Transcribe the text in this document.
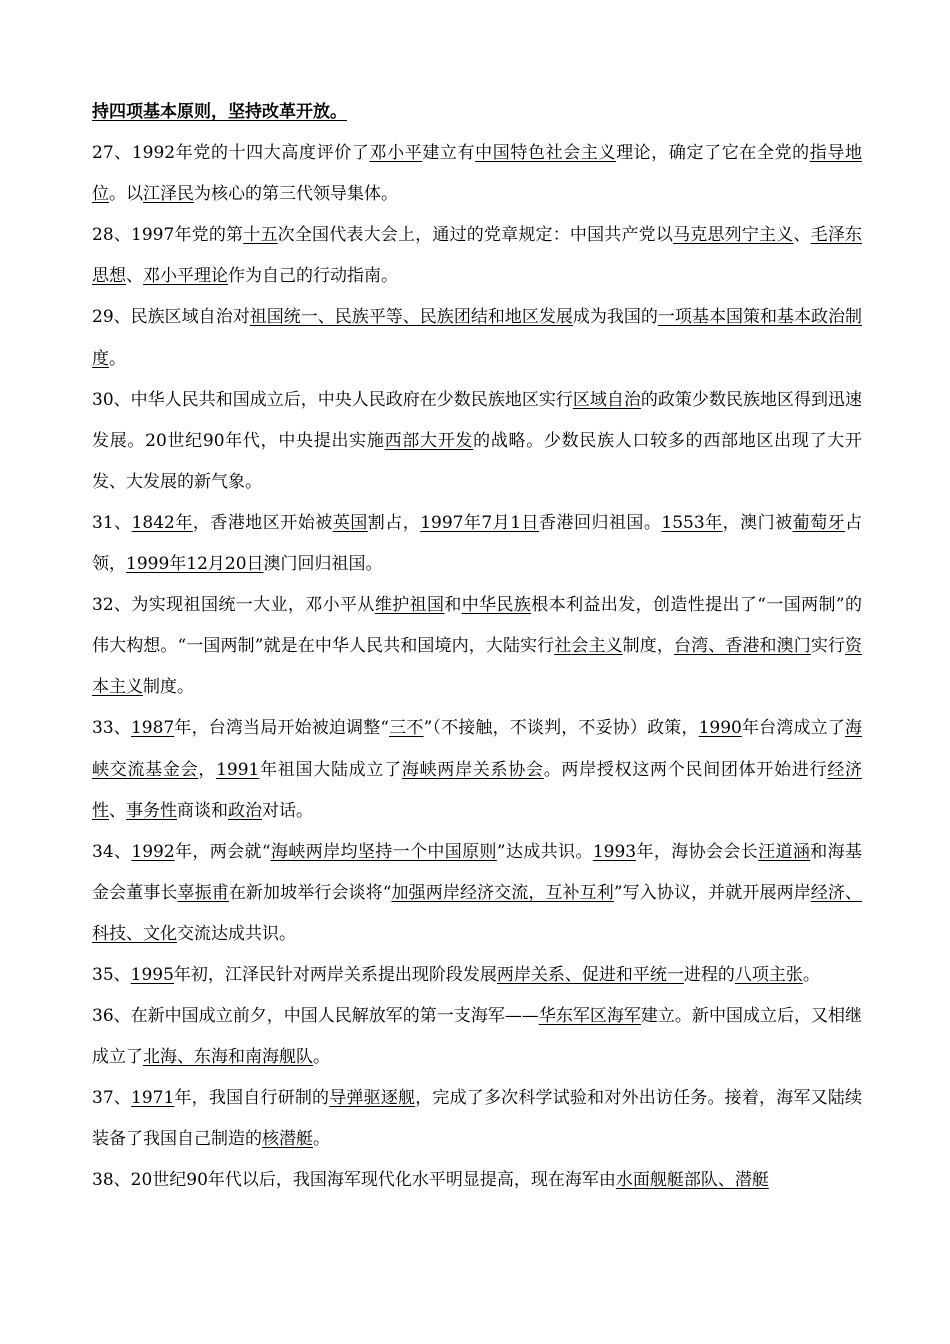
持四项基本原则，坚持改革开放。

27、1992年党的十四大高度评价了邓小平建立有中国特色社会主义理论，确定了它在全党的指导地位。以江泽民为核心的第三代领导集体。

28、1997年党的第十五次全国代表大会上，通过的党章规定：中国共产党以马克思列宁主义、毛泽东思想、邓小平理论作为自己的行动指南。

29、民族区域自治对祖国统一、民族平等、民族团结和地区发展成为我国的一项基本国策和基本政治制度。

30、中华人民共和国成立后，中央人民政府在少数民族地区实行区域自治的政策少数民族地区得到迅速发展。20世纪90年代，中央提出实施西部大开发的战略。少数民族人口较多的西部地区出现了大开发、大发展的新气象。

31、1842年，香港地区开始被英国割占，1997年7月1日香港回归祖国。1553年，澳门被葡萄牙占领，1999年12月20日澳门回归祖国。

32、为实现祖国统一大业，邓小平从维护祖国和中华民族根本利益出发，创造性提出了“一国两制”的伟大构想。“一国两制”就是在中华人民共和国境内，大陆实行社会主义制度，台湾、香港和澳门实行资本主义制度。

33、1987年，台湾当局开始被迫调整“三不”（不接触，不谈判，不妥协）政策，1990年台湾成立了海峡交流基金会，1991年祖国大陆成立了海峡两岸关系协会。两岸授权这两个民间团体开始进行经济性、事务性商谈和政治对话。

34、1992年，两会就“海峡两岸均坚持一个中国原则”达成共识。1993年，海协会会长汪道涵和海基金会董事长辜振甫在新加坡举行会谈将“加强两岸经济交流，互补互利”写入协议，并就开展两岸经济、科技、文化交流达成共识。

35、1995年初，江泽民针对两岸关系提出现阶段发展两岸关系、促进和平统一进程的八项主张。

36、在新中国成立前夕，中国人民解放军的第一支海军——华东军区海军建立。新中国成立后，又相继成立了北海、东海和南海舰队。

37、1971年，我国自行研制的导弹驱逐舰，完成了多次科学试验和对外出访任务。接着，海军又陆续装备了我国自己制造的核潜艇。

38、20世纪90年代以后，我国海军现代化水平明显提高，现在海军由水面舰艇部队、潜艇
